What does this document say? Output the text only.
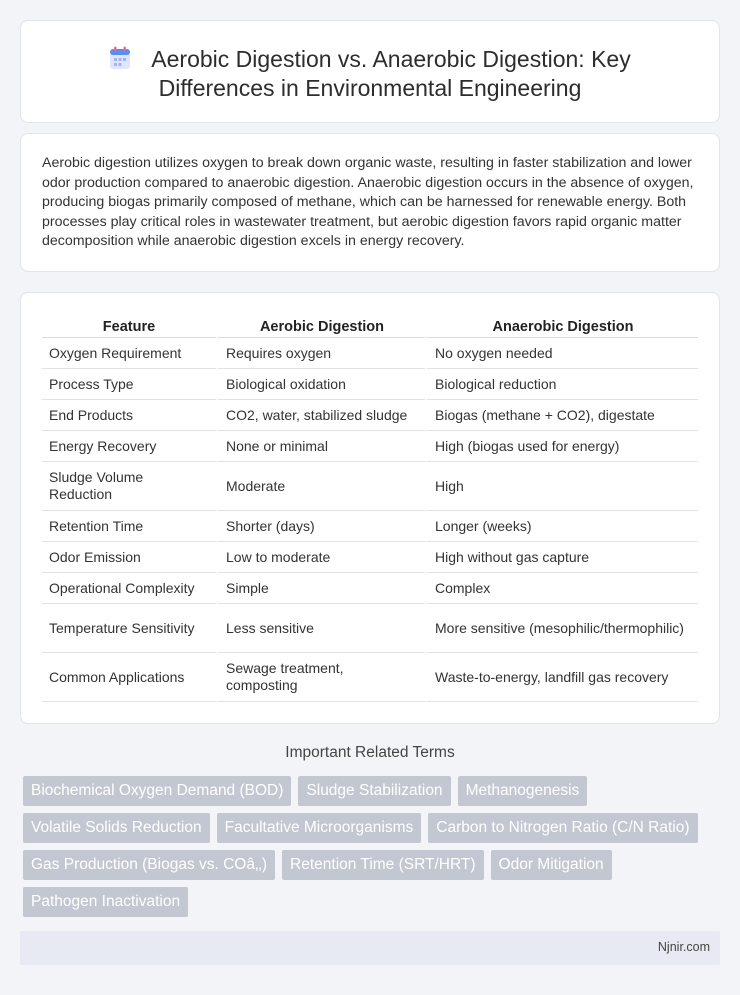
Aerobic Digestion vs. Anaerobic Digestion: Key
Differences in Environmental Engineering

Aerobic digestion utilizes oxygen to break down organic waste, resulting in faster stabilization and lower odor production compared to anaerobic digestion. Anaerobic digestion occurs in the absence of oxygen, producing biogas primarily composed of methane, which can be harnessed for renewable energy. Both processes play critical roles in wastewater treatment, but aerobic digestion favors rapid organic matter decomposition while anaerobic digestion excels in energy recovery.

Feature	Aerobic Digestion	Anaerobic Digestion
Oxygen Requirement	Requires oxygen	No oxygen needed
Process Type	Biological oxidation	Biological reduction
End Products	CO2, water, stabilized sludge	Biogas (methane + CO2), digestate
Energy Recovery	None or minimal	High (biogas used for energy)
Sludge Volume Reduction	Moderate	High
Retention Time	Shorter (days)	Longer (weeks)
Odor Emission	Low to moderate	High without gas capture
Operational Complexity	Simple	Complex
Temperature Sensitivity	Less sensitive	More sensitive (mesophilic/thermophilic)
Common Applications	Sewage treatment, composting	Waste-to-energy, landfill gas recovery
Important Related Terms
Biochemical Oxygen Demand (BOD)	Sludge Stabilization	Methanogenesis
Volatile Solids Reduction	Facultative Microorganisms	Carbon to Nitrogen Ratio (C/N Ratio)
Gas Production (Biogas vs. COâ‚‚)	Retention Time (SRT/HRT)	Odor Mitigation
Pathogen Inactivation
Njnir.com
